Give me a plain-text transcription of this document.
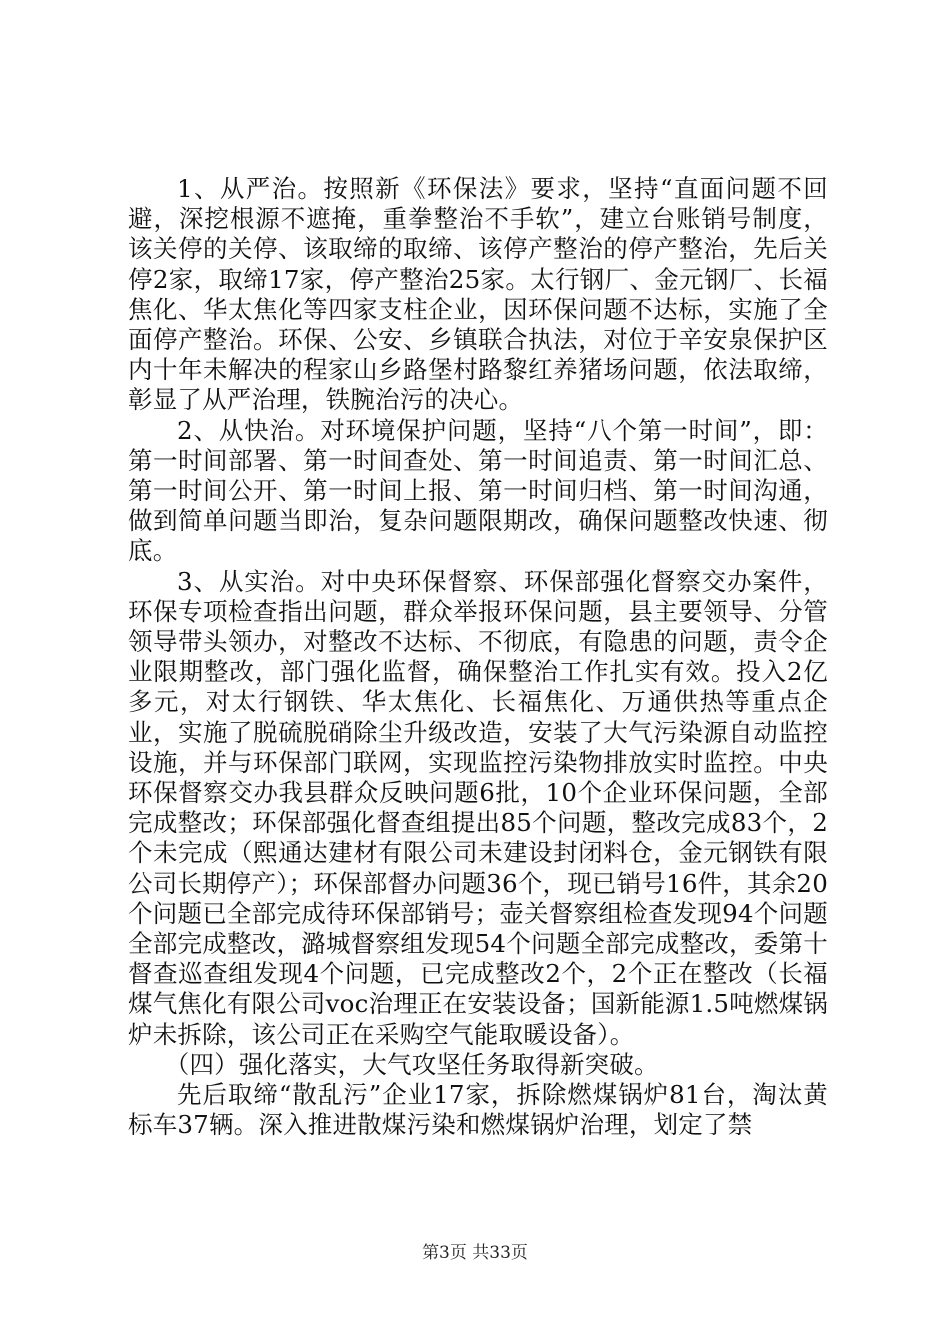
1、从严治。按照新《环保法》要求，坚持“直面问题不回避，深挖根源不遮掩，重拳整治不手软”，建立台账销号制度，该关停的关停、该取缔的取缔、该停产整治的停产整治，先后关停2家，取缔17家，停产整治25家。太行钢厂、金元钢厂、长福焦化、华太焦化等四家支柱企业，因环保问题不达标，实施了全面停产整治。环保、公安、乡镇联合执法，对位于辛安泉保护区内十年未解决的程家山乡路堡村路黎红养猪场问题，依法取缔，彰显了从严治理，铁腕治污的决心。

2、从快治。对环境保护问题，坚持“八个第一时间”，即：第一时间部署、第一时间查处、第一时间追责、第一时间汇总、第一时间公开、第一时间上报、第一时间归档、第一时间沟通，做到简单问题当即治，复杂问题限期改，确保问题整改快速、彻底。

3、从实治。对中央环保督察、环保部强化督察交办案件，环保专项检查指出问题，群众举报环保问题，县主要领导、分管领导带头领办，对整改不达标、不彻底，有隐患的问题，责令企业限期整改，部门强化监督，确保整治工作扎实有效。投入2亿多元，对太行钢铁、华太焦化、长福焦化、万通供热等重点企业，实施了脱硫脱硝除尘升级改造，安装了大气污染源自动监控设施，并与环保部门联网，实现监控污染物排放实时监控。中央环保督察交办我县群众反映问题6批，10个企业环保问题，全部完成整改；环保部强化督查组提出85个问题，整改完成83个，2个未完成（熙通达建材有限公司未建设封闭料仓，金元钢铁有限公司长期停产）；环保部督办问题36个，现已销号16件，其余20个问题已全部完成待环保部销号；壶关督察组检查发现94个问题全部完成整改，潞城督察组发现54个问题全部完成整改，委第十督查巡查组发现4个问题，已完成整改2个，2个正在整改（长福煤气焦化有限公司voc治理正在安装设备；国新能源1.5吨燃煤锅炉未拆除，该公司正在采购空气能取暖设备）。

（四）强化落实，大气攻坚任务取得新突破。

先后取缔“散乱污”企业17家，拆除燃煤锅炉81台，淘汰黄标车37辆。深入推进散煤污染和燃煤锅炉治理，划定了禁

第3页 共33页
